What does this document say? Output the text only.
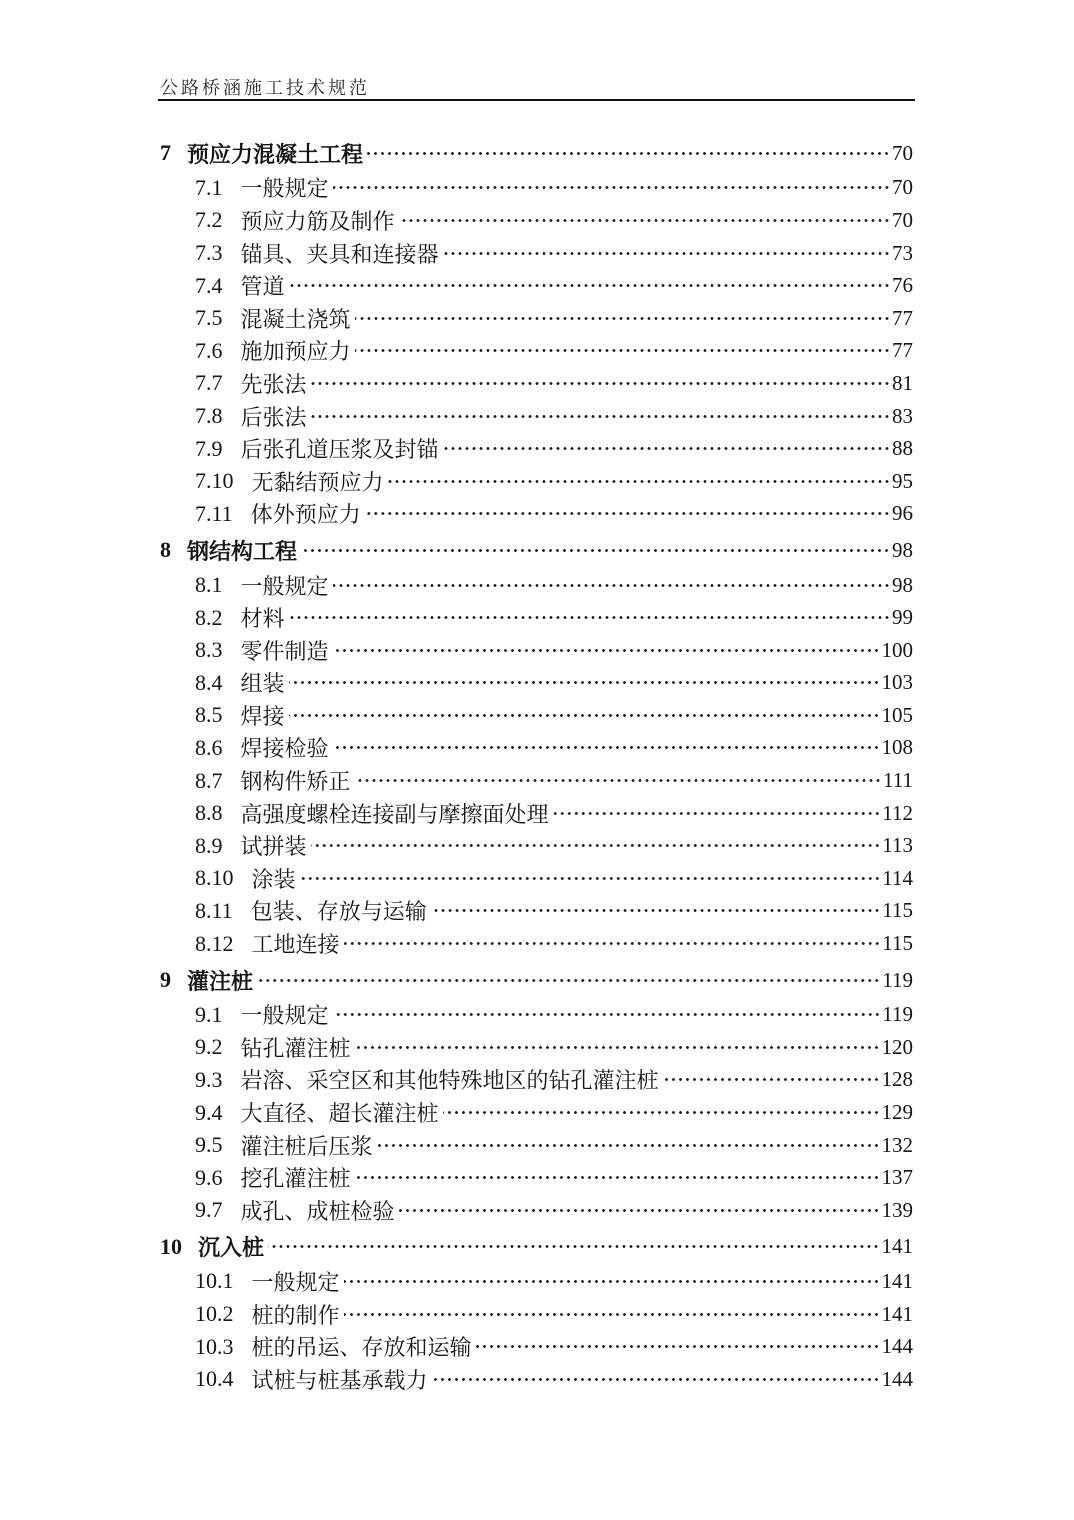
公路桥涵施工技术规范
7 预应力混凝土工程	70
7.1 一般规定	70
7.2 预应力筋及制作	70
7.3 锚具、夹具和连接器	73
7.4 管道	76
7.5 混凝土浇筑	77
7.6 施加预应力	77
7.7 先张法	81
7.8 后张法	83
7.9 后张孔道压浆及封锚	88
7.10 无黏结预应力	95
7.11 体外预应力	96
8 钢结构工程	98
8.1 一般规定	98
8.2 材料	99
8.3 零件制造	100
8.4 组装	103
8.5 焊接	105
8.6 焊接检验	108
8.7 钢构件矫正	111
8.8 高强度螺栓连接副与摩擦面处理	112
8.9 试拼装	113
8.10 涂装	114
8.11 包装、存放与运输	115
8.12 工地连接	115
9 灌注桩	119
9.1 一般规定	119
9.2 钻孔灌注桩	120
9.3 岩溶、采空区和其他特殊地区的钻孔灌注桩	128
9.4 大直径、超长灌注桩	129
9.5 灌注桩后压浆	132
9.6 挖孔灌注桩	137
9.7 成孔、成桩检验	139
10 沉入桩	141
10.1 一般规定	141
10.2 桩的制作	141
10.3 桩的吊运、存放和运输	144
10.4 试桩与桩基承载力	144
